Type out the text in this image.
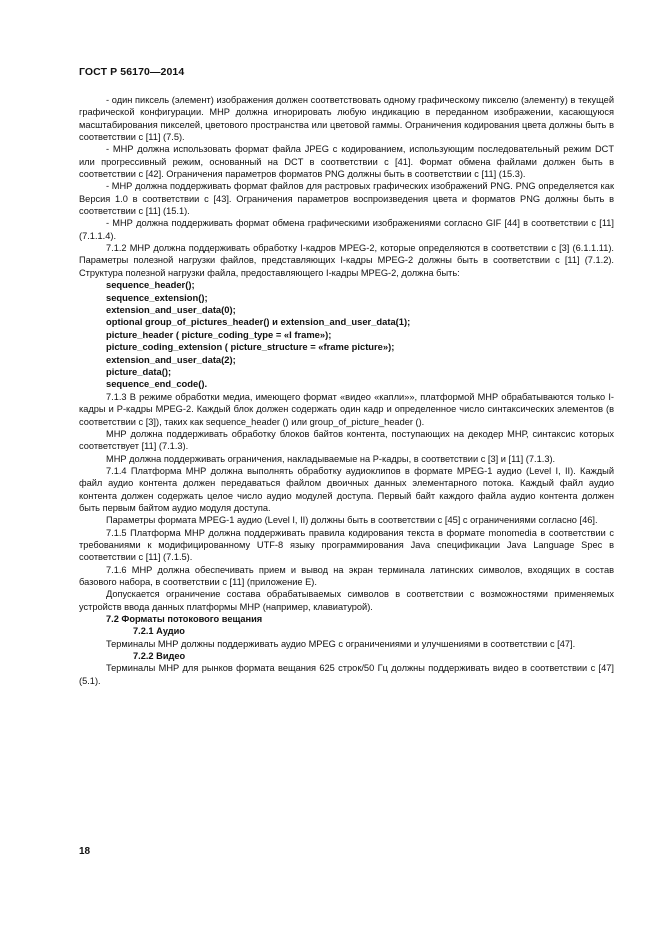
ГОСТ Р 56170—2014

- один пиксель (элемент) изображения должен соответствовать одному графическому пикселю (элементу) в текущей графической конфигурации. МНР должна игнорировать любую индикацию в переданном изображении, касающуюся масштабирования пикселей, цветового пространства или цветовой гаммы. Ограничения кодирования цвета должны быть в соответствии с [11] (7.5).

- МНР должна использовать формат файла JPEG с кодированием, использующим последовательный режим DCT или прогрессивный режим, основанный на DCT в соответствии с [41]. Формат обмена файлами должен быть в соответствии с [42]. Ограничения параметров форматов PNG должны быть в соответствии с [11] (15.3).

- МНР должна поддерживать формат файлов для растровых графических изображений PNG. PNG определяется как Версия 1.0 в соответствии с [43]. Ограничения параметров воспроизведения цвета и форматов PNG должны быть в соответствии с [11] (15.1).

- МНР должна поддерживать формат обмена графическими изображениями согласно GIF [44] в соответствии с [11] (7.1.1.4).

7.1.2 МНР должна поддерживать обработку I-кадров MPEG-2, которые определяются в соответствии с [3] (6.1.1.11). Параметры полезной нагрузки файлов, представляющих I-кадры MPEG-2 должны быть в соответствии с [11] (7.1.2). Структура полезной нагрузки файла, предоставляющего I-кадры MPEG-2, должна быть:

sequence_header();
sequence_extension();
extension_and_user_data(0);
optional group_of_pictures_header() и extension_and_user_data(1);
picture_header ( picture_coding_type = «I frame»);
picture_coding_extension ( picture_structure = «frame picture»);
extension_and_user_data(2);
picture_data();
sequence_end_code().

7.1.3 В режиме обработки медиа, имеющего формат «видео «капли»», платформой МНР обрабатываются только I-кадры и Р-кадры MPEG-2. Каждый блок должен содержать один кадр и определенное число синтаксических элементов (в соответствии с [3]), таких как sequence_header () или group_of_picture_header ().

МНР должна поддерживать обработку блоков байтов контента, поступающих на декодер МНР, синтаксис которых соответствует [11] (7.1.3).

МНР должна поддерживать ограничения, накладываемые на Р-кадры, в соответствии с [3] и [11] (7.1.3).

7.1.4 Платформа МНР должна выполнять обработку аудиоклипов в формате MPEG-1 аудио (Level I, II). Каждый файл аудио контента должен передаваться файлом двоичных данных элементарного потока. Каждый файл аудио контента должен содержать целое число аудио модулей доступа. Первый байт каждого файла аудио контента должен быть первым байтом аудио модуля доступа.

Параметры формата MPEG-1 аудио (Level I, II) должны быть в соответствии с [45] с ограничениями согласно [46].

7.1.5 Платформа МНР должна поддерживать правила кодирования текста в формате monomedia в соответствии с требованиями к модифицированному UTF-8 языку программирования Java спецификации Java Language Spec в соответствии с [11] (7.1.5).

7.1.6 МНР должна обеспечивать прием и вывод на экран терминала латинских символов, входящих в состав базового набора, в соответствии с [11] (приложение Е).

Допускается ограничение состава обрабатываемых символов в соответствии с возможностями применяемых устройств ввода данных платформы МНР (например, клавиатурой).

7.2 Форматы потокового вещания

7.2.1 Аудио

Терминалы МНР должны поддерживать аудио MPEG с ограничениями и улучшениями в соответствии с [47].

7.2.2 Видео

Терминалы МНР для рынков формата вещания 625 строк/50 Гц должны поддерживать видео в соответствии с [47] (5.1).

18
